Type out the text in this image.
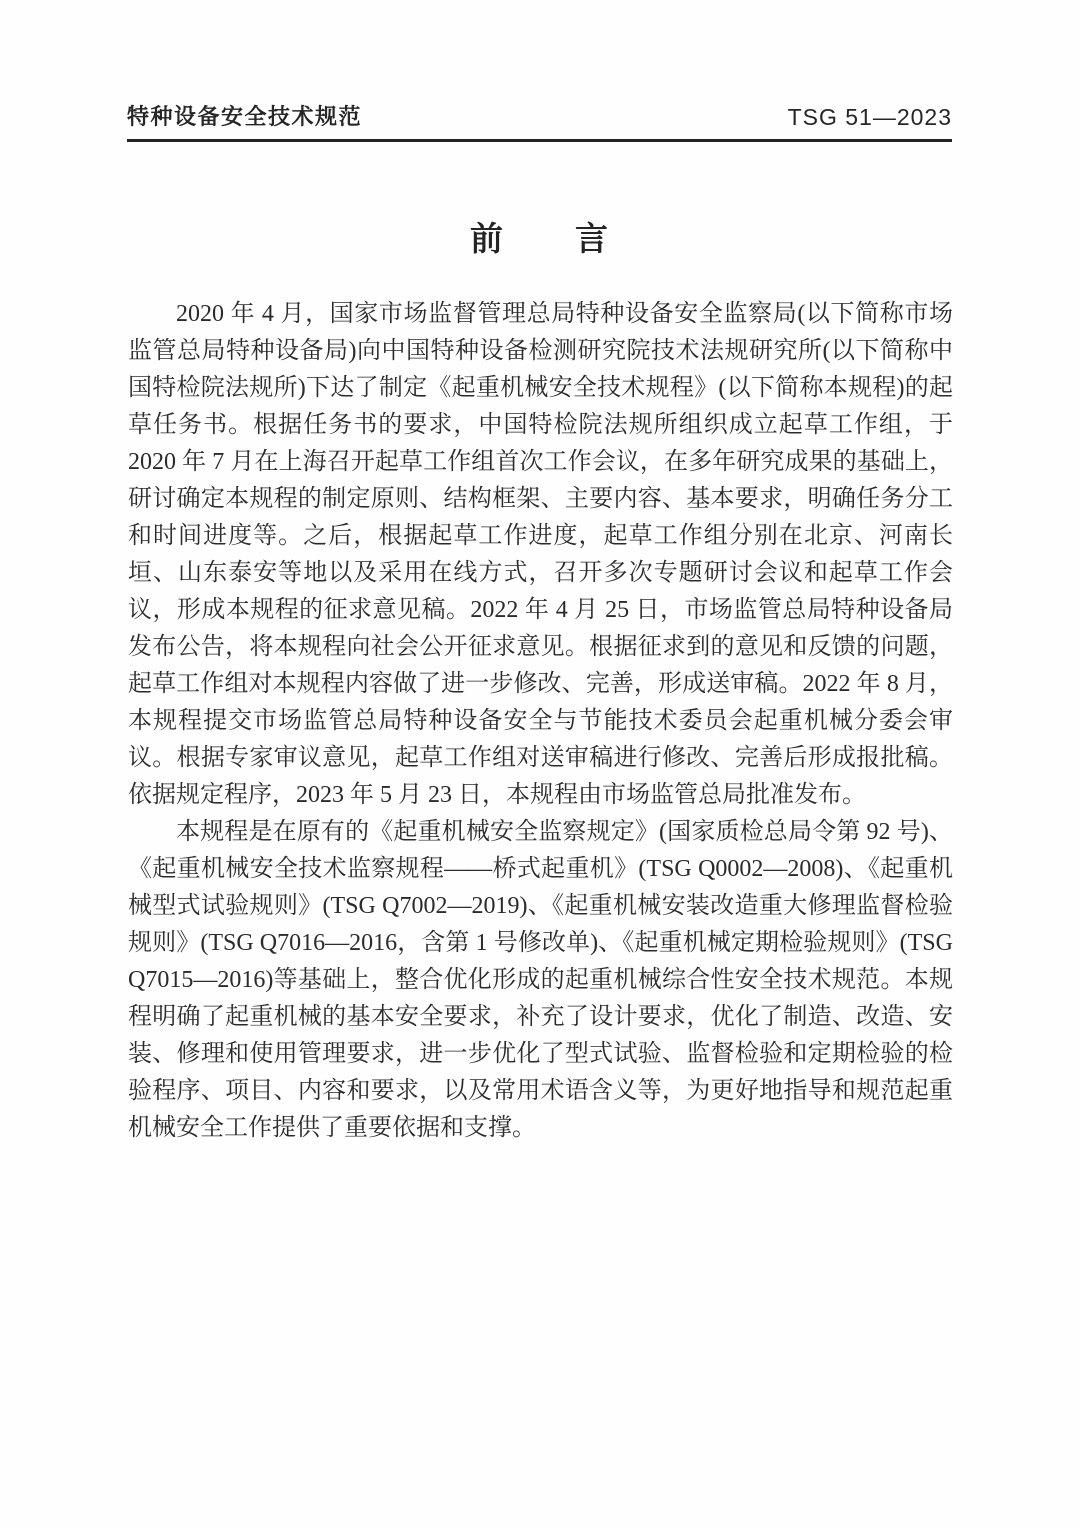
特种设备安全技术规范	TSG 51—2023
前　　言

2020 年 4 月，国家市场监督管理总局特种设备安全监察局(以下简称市场监管总局特种设备局)向中国特种设备检测研究院技术法规研究所(以下简称中国特检院法规所)下达了制定《起重机械安全技术规程》(以下简称本规程)的起草任务书。根据任务书的要求，中国特检院法规所组织成立起草工作组，于 2020 年 7 月在上海召开起草工作组首次工作会议，在多年研究成果的基础上，研讨确定本规程的制定原则、结构框架、主要内容、基本要求，明确任务分工和时间进度等。之后，根据起草工作进度，起草工作组分别在北京、河南长垣、山东泰安等地以及采用在线方式，召开多次专题研讨会议和起草工作会议，形成本规程的征求意见稿。2022 年 4 月 25 日，市场监管总局特种设备局发布公告，将本规程向社会公开征求意见。根据征求到的意见和反馈的问题，起草工作组对本规程内容做了进一步修改、完善，形成送审稿。2022 年 8 月，本规程提交市场监管总局特种设备安全与节能技术委员会起重机械分委会审议。根据专家审议意见，起草工作组对送审稿进行修改、完善后形成报批稿。依据规定程序，2023 年 5 月 23 日，本规程由市场监管总局批准发布。

本规程是在原有的《起重机械安全监察规定》(国家质检总局令第 92 号)、《起重机械安全技术监察规程——桥式起重机》(TSG Q0002—2008)、《起重机械型式试验规则》(TSG Q7002—2019)、《起重机械安装改造重大修理监督检验规则》(TSG Q7016—2016，含第 1 号修改单)、《起重机械定期检验规则》(TSG Q7015—2016)等基础上，整合优化形成的起重机械综合性安全技术规范。本规程明确了起重机械的基本安全要求，补充了设计要求，优化了制造、改造、安装、修理和使用管理要求，进一步优化了型式试验、监督检验和定期检验的检验程序、项目、内容和要求，以及常用术语含义等，为更好地指导和规范起重机械安全工作提供了重要依据和支撑。
